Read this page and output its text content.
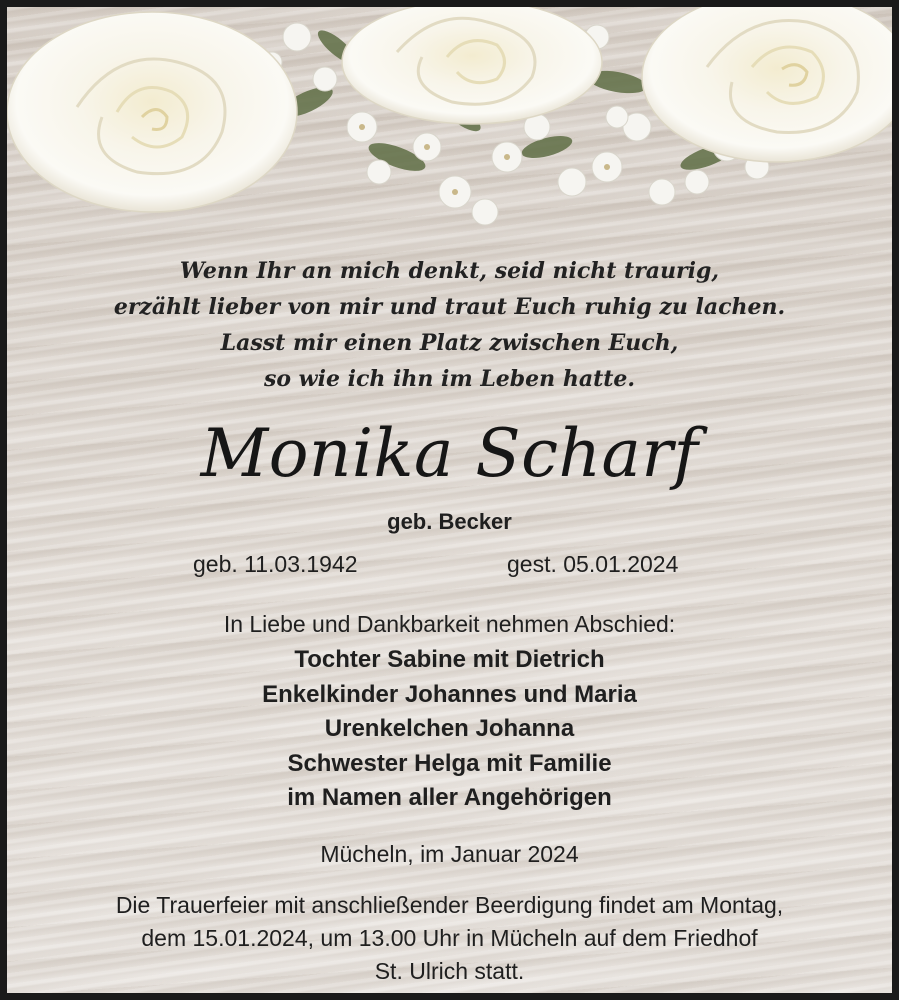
Wenn Ihr an mich denkt, seid nicht traurig,
erzählt lieber von mir und traut Euch ruhig zu lachen.
Lasst mir einen Platz zwischen Euch,
so wie ich ihn im Leben hatte.
Monika Scharf
geb. Becker
geb. 11.03.1942	gest. 05.01.2024
In Liebe und Dankbarkeit nehmen Abschied:
Tochter Sabine mit Dietrich
Enkelkinder Johannes und Maria
Urenkelchen Johanna
Schwester Helga mit Familie
im Namen aller Angehörigen
Mücheln, im Januar 2024
Die Trauerfeier mit anschließender Beerdigung findet am Montag,
dem 15.01.2024, um 13.00 Uhr in Mücheln auf dem Friedhof
St. Ulrich statt.
